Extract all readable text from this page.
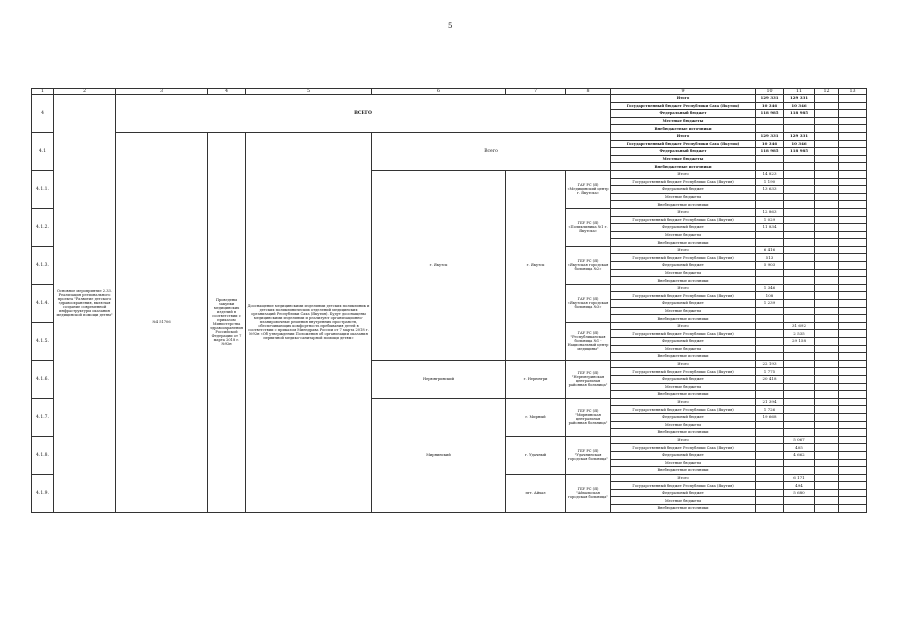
5
1	2	3	4	5	6	7	8	9	10	11	12	13
4	Основное мероприятие 2.33. Реализация регионального проекта "Развитие детского здравоохранения, включая создание современной инфраструктуры оказания медицинской помощи детям"	ВСЕГО						Итого	129 331	129 331		
								Государственный бюджет Республики Саха (Якутия)	10 346	10 346		
								Федеральный бюджет	118 985	118 985		
								Местные бюджеты				
								Внебюджетные источники				
4.1		№4 51706	Проведены закупки медицинских изделий в соответствии с приказом Министерства здравоохранения Российской Федерации от 7 марта 2018 г. №92н	Дооснащение медицинскими изделиями детских поликлиник и детских поликлинических отделений медицинских организаций Республики Саха (Якутия). Будут дооснащены медицинскими изделиями и реализуют организационно-планировочные решения внутренних пространств, обеспечивающих комфортность пребывания детей в соответствии с приказом Минздрава России от 7 марта 2018 г. №92н «Об утверждении Положения об организации оказания первичной медико-санитарной помощи детям»	Всего			Итого	129 331	129 331		
								Государственный бюджет Республики Саха (Якутия)	10 346	10 346		
								Федеральный бюджет	118 985	118 985		
								Местные бюджеты				
								Внебюджетные источники				
4.1.1.					г. Якутск	г. Якутск	ГАУ РС (Я) «Медицинский центр г. Якутска»	Итого	14 823			
								Государственный бюджет Республики Саха (Якутия)	1 190			
								Федеральный бюджет	13 633			
								Местные бюджеты				
								Внебюджетные источники				
4.1.2.							ГБУ РС (Я) «Поликлиника №1 г. Якутска»	Итого	12 863			
								Государственный бюджет Республики Саха (Якутия)	1 029			
								Федеральный бюджет	11 834			
								Местные бюджеты				
								Внебюджетные источники				
4.1.3.							ГБУ РС (Я) «Якутская городская больница №2»	Итого	6 416			
								Государственный бюджет Республики Саха (Якутия)	513			
								Федеральный бюджет	5 903			
								Местные бюджеты				
								Внебюджетные источники				
4.1.4.							ГАУ РС (Я) «Якутская городская больница №3»	Итого	1 346			
								Государственный бюджет Республики Саха (Якутия)	108			
								Федеральный бюджет	1 239			
								Местные бюджеты				
								Внебюджетные источники				
4.1.5.							ГАУ РС (Я) "Республиканская больница №1 - Национальный центр медицины"	Итого		31 692		
								Государственный бюджет Республики Саха (Якутия)		2 535		
								Федеральный бюджет		29 158		
								Местные бюджеты				
								Внебюджетные источники				
4.1.6.					Нерюнгринский	г. Нерюнгри	ГБУ РС (Я) "Нерюнгринская центральная районная больница"	Итого	22 193			
								Государственный бюджет Республики Саха (Якутия)	1 775			
								Федеральный бюджет	20 418			
								Местные бюджеты				
								Внебюджетные источники				
4.1.7.					Мирнинский	г. Мирный	ГБУ РС (Я) "Мирнинская центральная районная больница"	Итого	21 394			
								Государственный бюджет Республики Саха (Якутия)	1 726			
								Федеральный бюджет	19 668			
								Местные бюджеты				
								Внебюджетные источники				
4.1.8.						г. Удачный	ГБУ РС (Я) "Удачнинская городская больница"	Итого		5 067		
								Государственный бюджет Республики Саха (Якутия)		405		
								Федеральный бюджет		4 662		
								Местные бюджеты				
								Внебюджетные источники				
4.1.9.						пгт. Айхал	ГБУ РС (Я) "Айхальская городская больница"	Итого		6 171		
								Государственный бюджет Республики Саха (Якутия)		494		
								Федеральный бюджет		5 680		
								Местные бюджеты				
								Внебюджетные источники				
